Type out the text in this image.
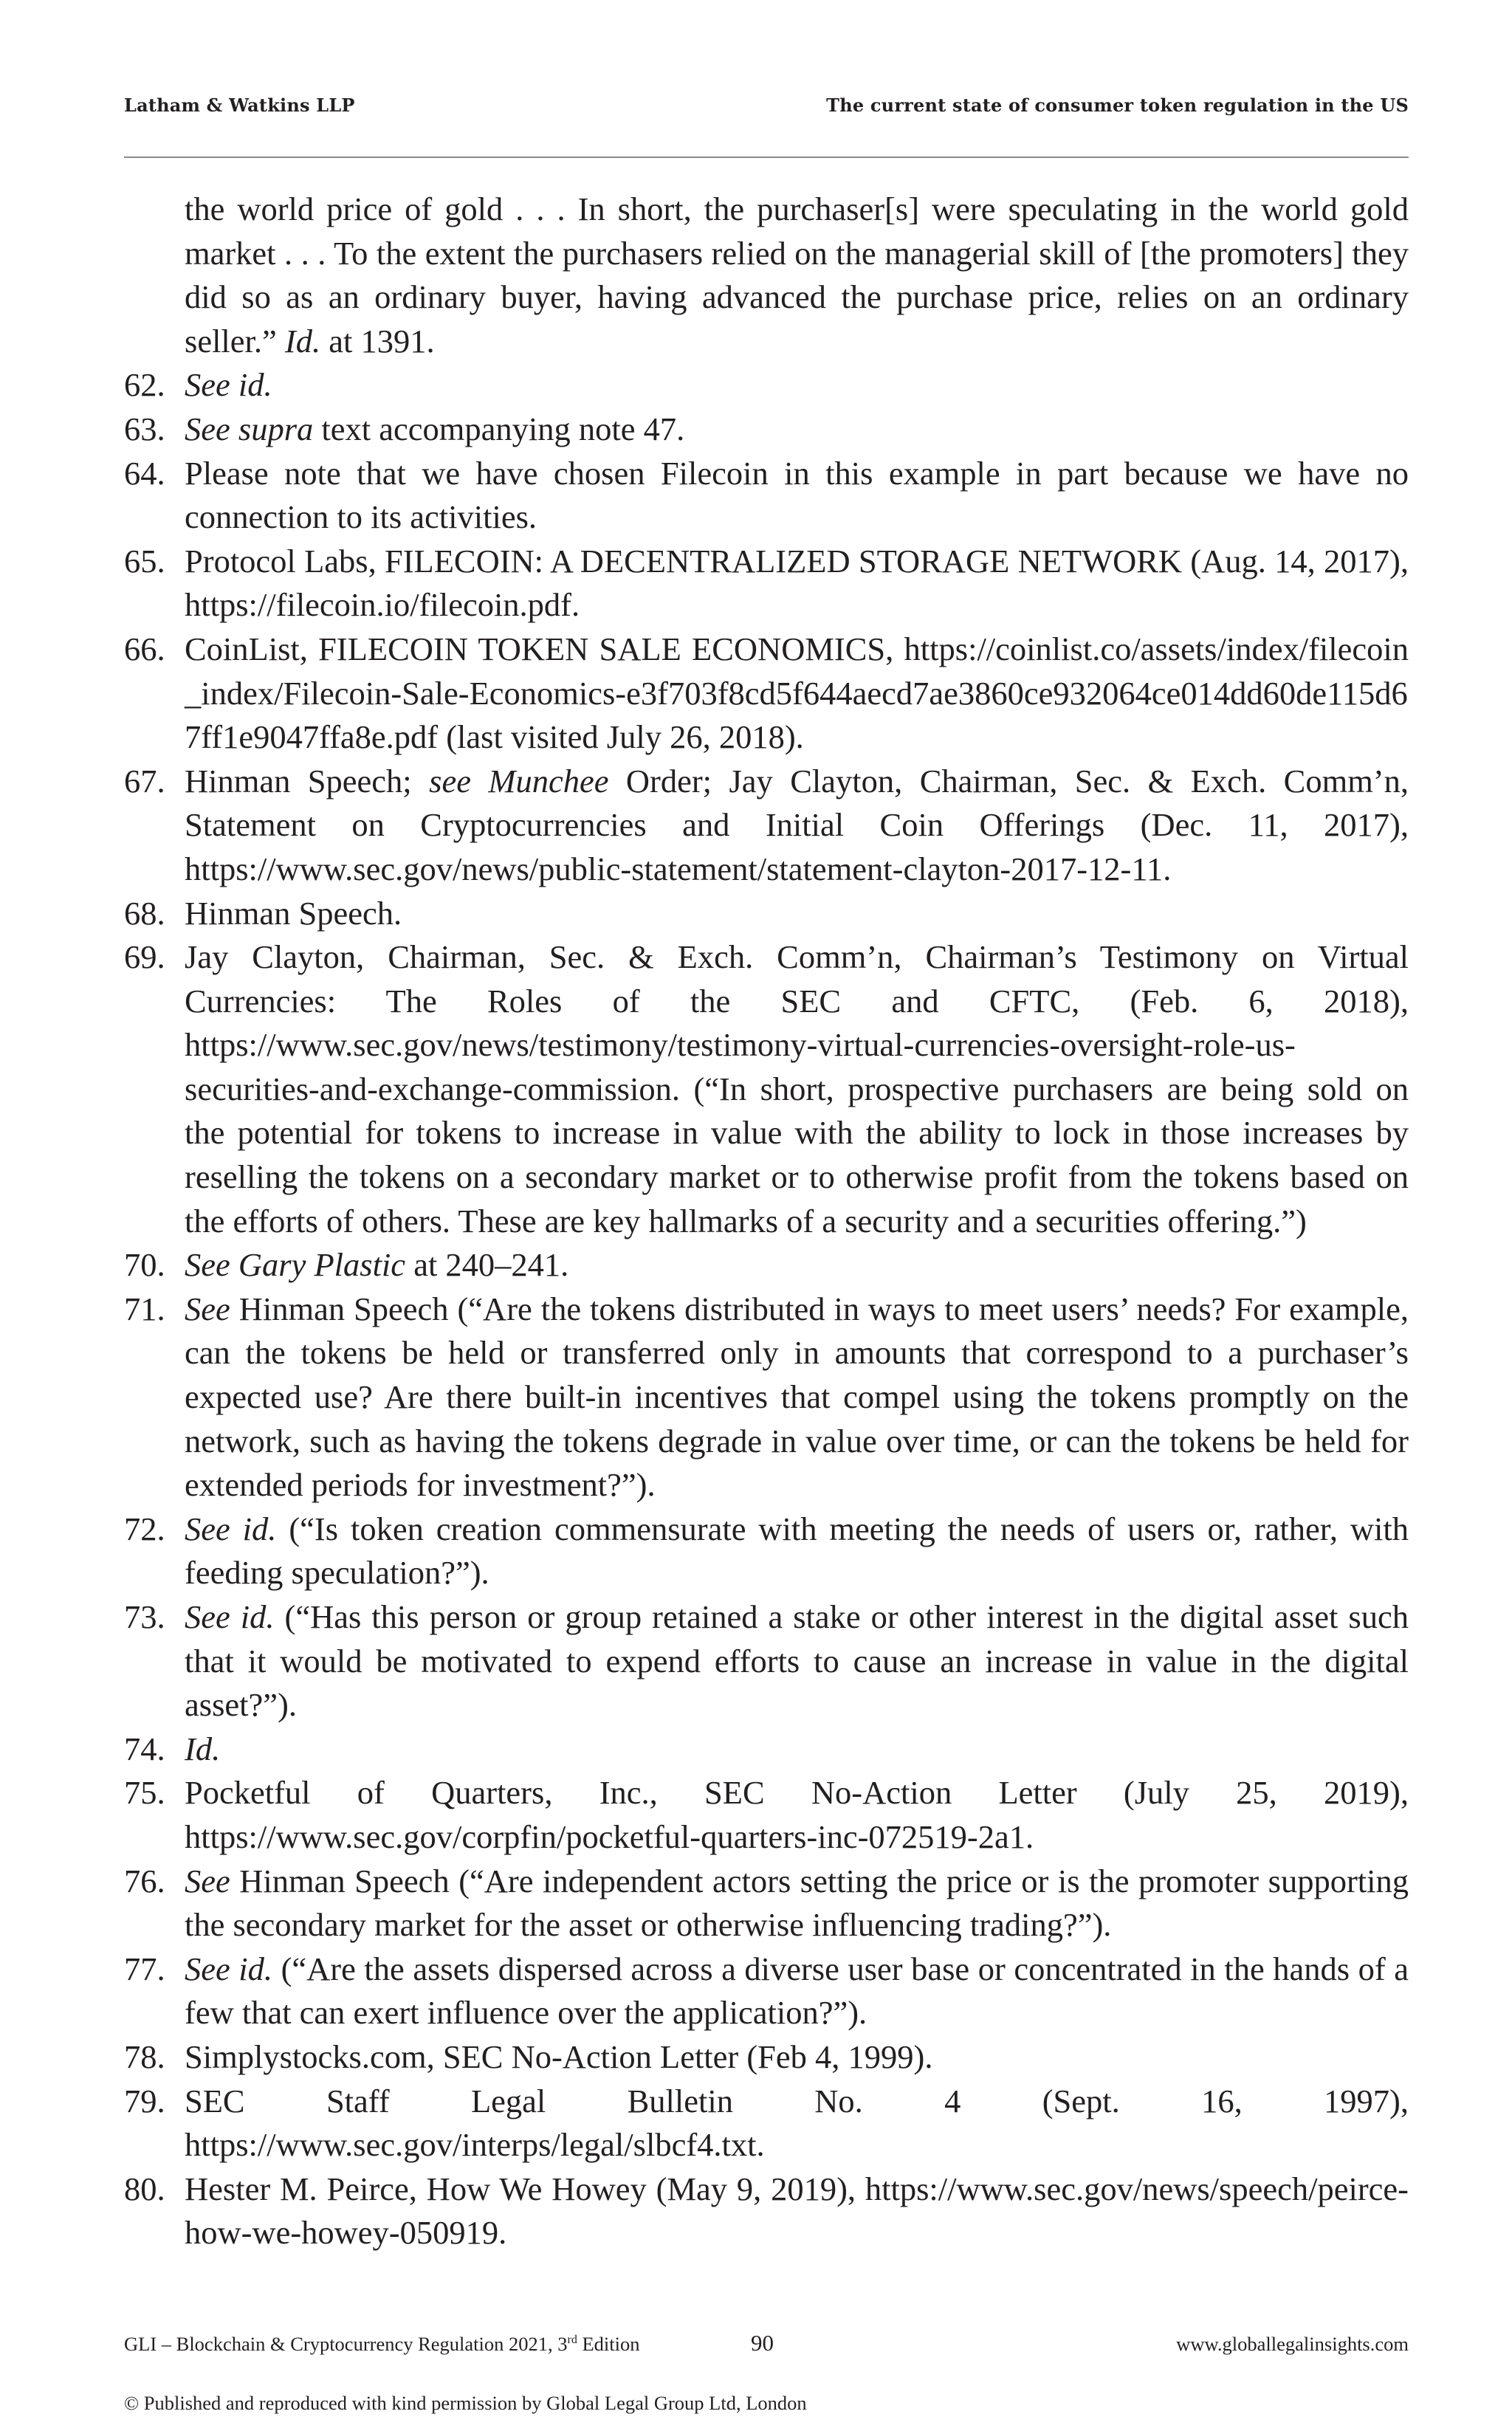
Latham & Watkins LLP	The current state of consumer token regulation in the US
the world price of gold . . . In short, the purchaser[s] were speculating in the world gold market . . . To the extent the purchasers relied on the managerial skill of [the promoters] they did so as an ordinary buyer, having advanced the purchase price, relies on an ordinary seller.” Id. at 1391.
62. See id.
63. See supra text accompanying note 47.
64. Please note that we have chosen Filecoin in this example in part because we have no connection to its activities.
65. Protocol Labs, FILECOIN: A DECENTRALIZED STORAGE NETWORK (Aug. 14, 2017), https://filecoin.io/filecoin.pdf.
66. CoinList, FILECOIN TOKEN SALE ECONOMICS, https://coinlist.co/assets/index/filecoin_index/Filecoin-Sale-Economics-e3f703f8cd5f644aecd7ae3860ce932064ce014dd60de115d67ff1e9047ffa8e.pdf (last visited July 26, 2018).
67. Hinman Speech; see Munchee Order; Jay Clayton, Chairman, Sec. & Exch. Comm’n, Statement on Cryptocurrencies and Initial Coin Offerings (Dec. 11, 2017), https://www.sec.gov/news/public-statement/statement-clayton-2017-12-11.
68. Hinman Speech.
69. Jay Clayton, Chairman, Sec. & Exch. Comm’n, Chairman’s Testimony on Virtual Currencies: The Roles of the SEC and CFTC, (Feb. 6, 2018), https://www.sec.gov/news/testimony/testimony-virtual-currencies-oversight-role-us-securities-and-exchange-commission. (“In short, prospective purchasers are being sold on the potential for tokens to increase in value with the ability to lock in those increases by reselling the tokens on a secondary market or to otherwise profit from the tokens based on the efforts of others. These are key hallmarks of a security and a securities offering.”)
70. See Gary Plastic at 240–241.
71. See Hinman Speech (“Are the tokens distributed in ways to meet users’ needs? For example, can the tokens be held or transferred only in amounts that correspond to a purchaser’s expected use? Are there built-in incentives that compel using the tokens promptly on the network, such as having the tokens degrade in value over time, or can the tokens be held for extended periods for investment?”).
72. See id. (“Is token creation commensurate with meeting the needs of users or, rather, with feeding speculation?”).
73. See id. (“Has this person or group retained a stake or other interest in the digital asset such that it would be motivated to expend efforts to cause an increase in value in the digital asset?”).
74. Id.
75. Pocketful of Quarters, Inc., SEC No-Action Letter (July 25, 2019), https://www.sec.gov/corpfin/pocketful-quarters-inc-072519-2a1.
76. See Hinman Speech (“Are independent actors setting the price or is the promoter supporting the secondary market for the asset or otherwise influencing trading?”).
77. See id. (“Are the assets dispersed across a diverse user base or concentrated in the hands of a few that can exert influence over the application?”).
78. Simplystocks.com, SEC No-Action Letter (Feb 4, 1999).
79. SEC Staff Legal Bulletin No. 4 (Sept. 16, 1997), https://www.sec.gov/interps/legal/slbcf4.txt.
80. Hester M. Peirce, How We Howey (May 9, 2019), https://www.sec.gov/news/speech/peirce-how-we-howey-050919.
GLI – Blockchain & Cryptocurrency Regulation 2021, 3rd Edition	90	www.globallegalinsights.com
© Published and reproduced with kind permission by Global Legal Group Ltd, London
